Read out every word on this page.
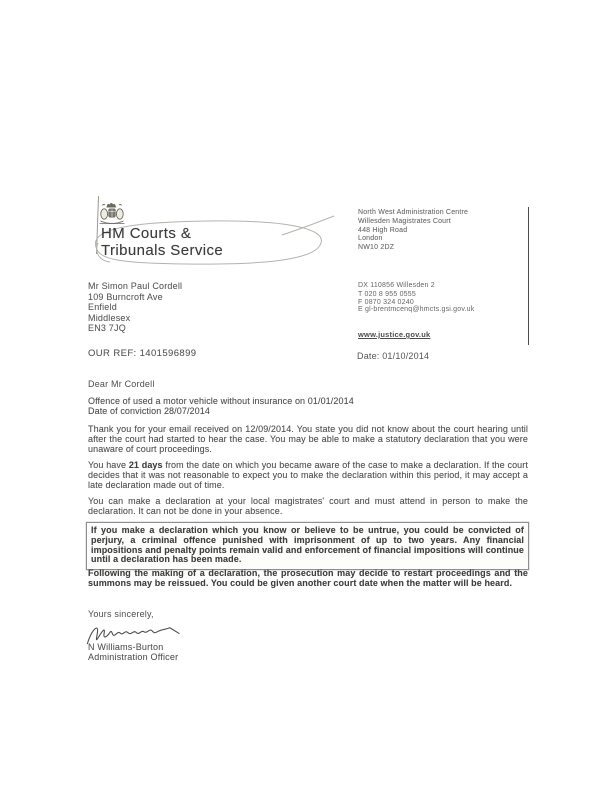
HM Courts &
Tribunals Service
North West Administration Centre
Willesden Magistrates Court
448 High Road
London
NW10 2DZ
DX 110856 Willesden 2
T 020 8 955 0555
F 0870 324 0240
E gl-brentmcenq@hmcts.gsi.gov.uk
www.justice.gov.uk
Mr Simon Paul Cordell
109 Burncroft Ave
Enfield
Middlesex
EN3 7JQ
OUR REF: 1401596899	Date: 01/10/2014
Dear Mr Cordell
Offence of used a motor vehicle without insurance on 01/01/2014
Date of conviction 28/07/2014
Thank you for your email received on 12/09/2014. You state you did not know about the court hearing until after the court had started to hear the case. You may be able to make a statutory declaration that you were unaware of court proceedings.
You have 21 days from the date on which you became aware of the case to make a declaration. If the court decides that it was not reasonable to expect you to make the declaration within this period, it may accept a late declaration made out of time.
You can make a declaration at your local magistrates' court and must attend in person to make the declaration. It can not be done in your absence.
If you make a declaration which you know or believe to be untrue, you could be convicted of perjury, a criminal offence punished with imprisonment of up to two years. Any financial impositions and penalty points remain valid and enforcement of financial impositions will continue until a declaration has been made.
Following the making of a declaration, the prosecution may decide to restart proceedings and the summons may be reissued. You could be given another court date when the matter will be heard.
Yours sincerely,
N Williams-Burton
Administration Officer
